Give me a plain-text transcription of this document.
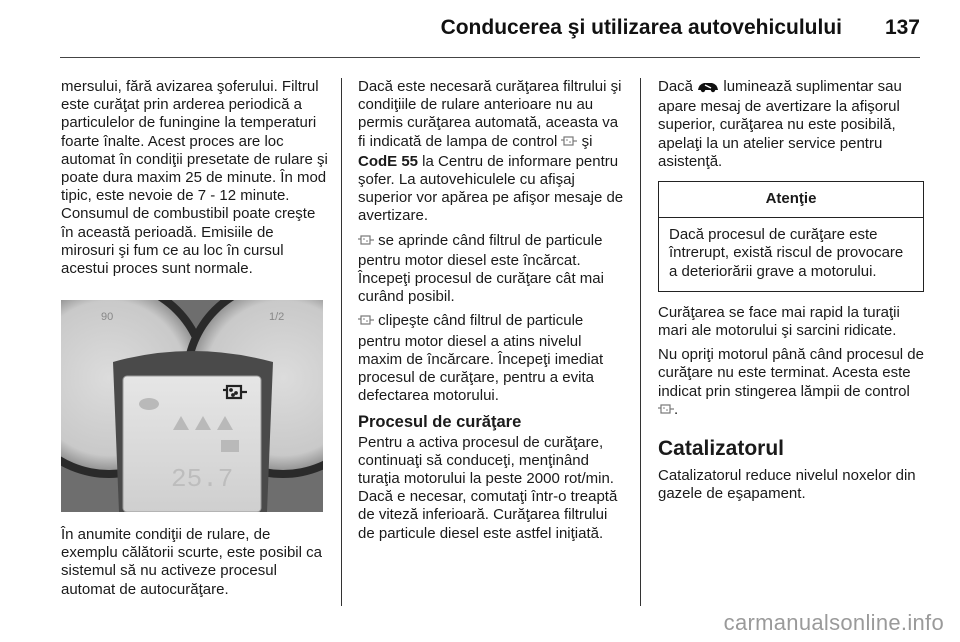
Conducerea şi utilizarea autovehiculului 137

mersului, fără avizarea şoferului. Filtrul este curăţat prin arderea periodică a particulelor de funingine la temperaturi foarte înalte. Acest proces are loc automat în condiţii presetate de rulare şi poate dura maxim 25 de minute. În mod tipic, este nevoie de 7 - 12 minute. Consumul de combustibil poate creşte în această perioadă. Emisiile de mirosuri şi fum ce au loc în cursul acestui proces sunt normale.

90	1/2
25.7

În anumite condiţii de rulare, de exemplu călătorii scurte, este posibil ca sistemul să nu activeze procesul automat de autocurăţare.

Dacă este necesară curăţarea filtrului şi condiţiile de rulare anterioare nu au permis curăţarea automată, aceasta va fi indicată de lampa de control  şi CodE 55 la Centru de informare pentru şofer. La autovehiculele cu afişaj superior vor apărea pe afişor mesaje de avertizare.

se aprinde când filtrul de particule pentru motor diesel este încărcat. Începeţi procesul de curăţare cât mai curând posibil.

clipeşte când filtrul de particule pentru motor diesel a atins nivelul maxim de încărcare. Începeţi imediat procesul de curăţare, pentru a evita defectarea motorului.

Procesul de curăţare

Pentru a activa procesul de curăţare, continuaţi să conduceţi, menţinând turaţia motorului la peste 2000 rot/min. Dacă e necesar, comutaţi într-o treaptă de viteză inferioară. Curăţarea filtrului de particule diesel este astfel iniţiată.

Dacă  luminează suplimentar sau apare mesaj de avertizare la afişorul superior, curăţarea nu este posibilă, apelaţi la un atelier service pentru asistenţă.

Atenţie
Dacă procesul de curăţare este întrerupt, există riscul de provocare a deteriorării grave a motorului.

Curăţarea se face mai rapid la turaţii mari ale motorului şi sarcini ridicate.

Nu opriţi motorul până când procesul de curăţare nu este terminat. Acesta este indicat prin stingerea lămpii de control .

Catalizatorul

Catalizatorul reduce nivelul noxelor din gazele de eşapament.

carmanualsonline.info
